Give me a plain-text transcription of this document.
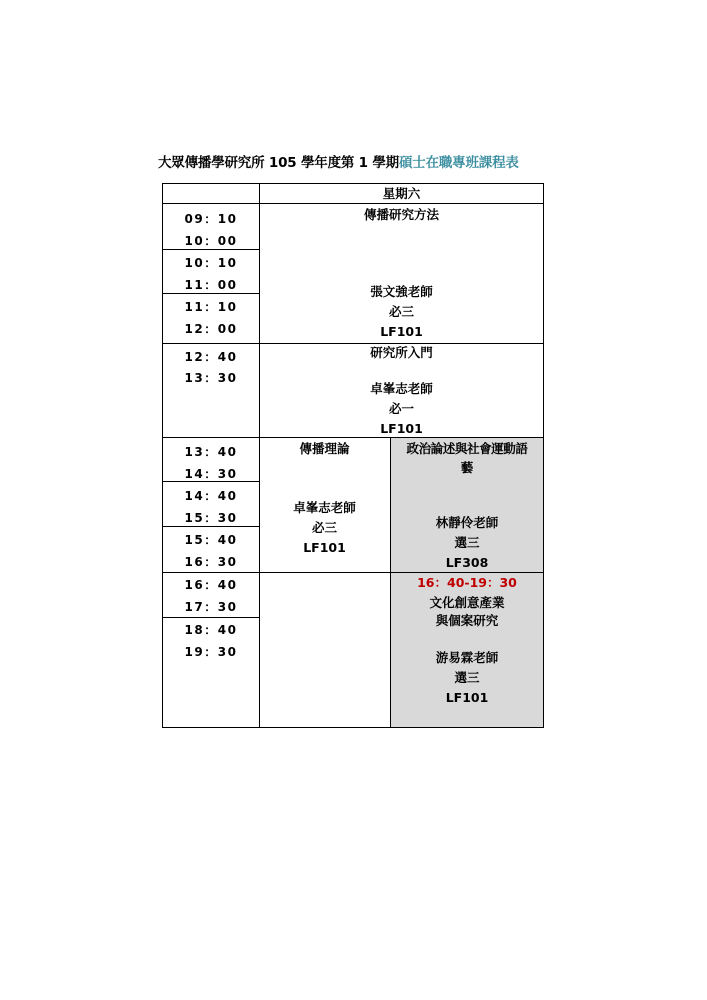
大眾傳播學研究所 105 學年度第 1 學期碩士在職專班課程表
星期六
09：10
10：00
10：10
11：00
11：10
12：00
12：40
13：30
13：40
14：30
14：40
15：30
15：40
16：30
16：40
17：30
18：40
19：30
傳播研究方法
張文強老師
必三
LF101
研究所入門
卓峯志老師
必一
LF101
傳播理論
卓峯志老師
必三
LF101
政治論述與社會運動語
藝
林靜伶老師
選三
LF308
16：40-19：30
文化創意產業
與個案研究
游易霖老師
選三
LF101
